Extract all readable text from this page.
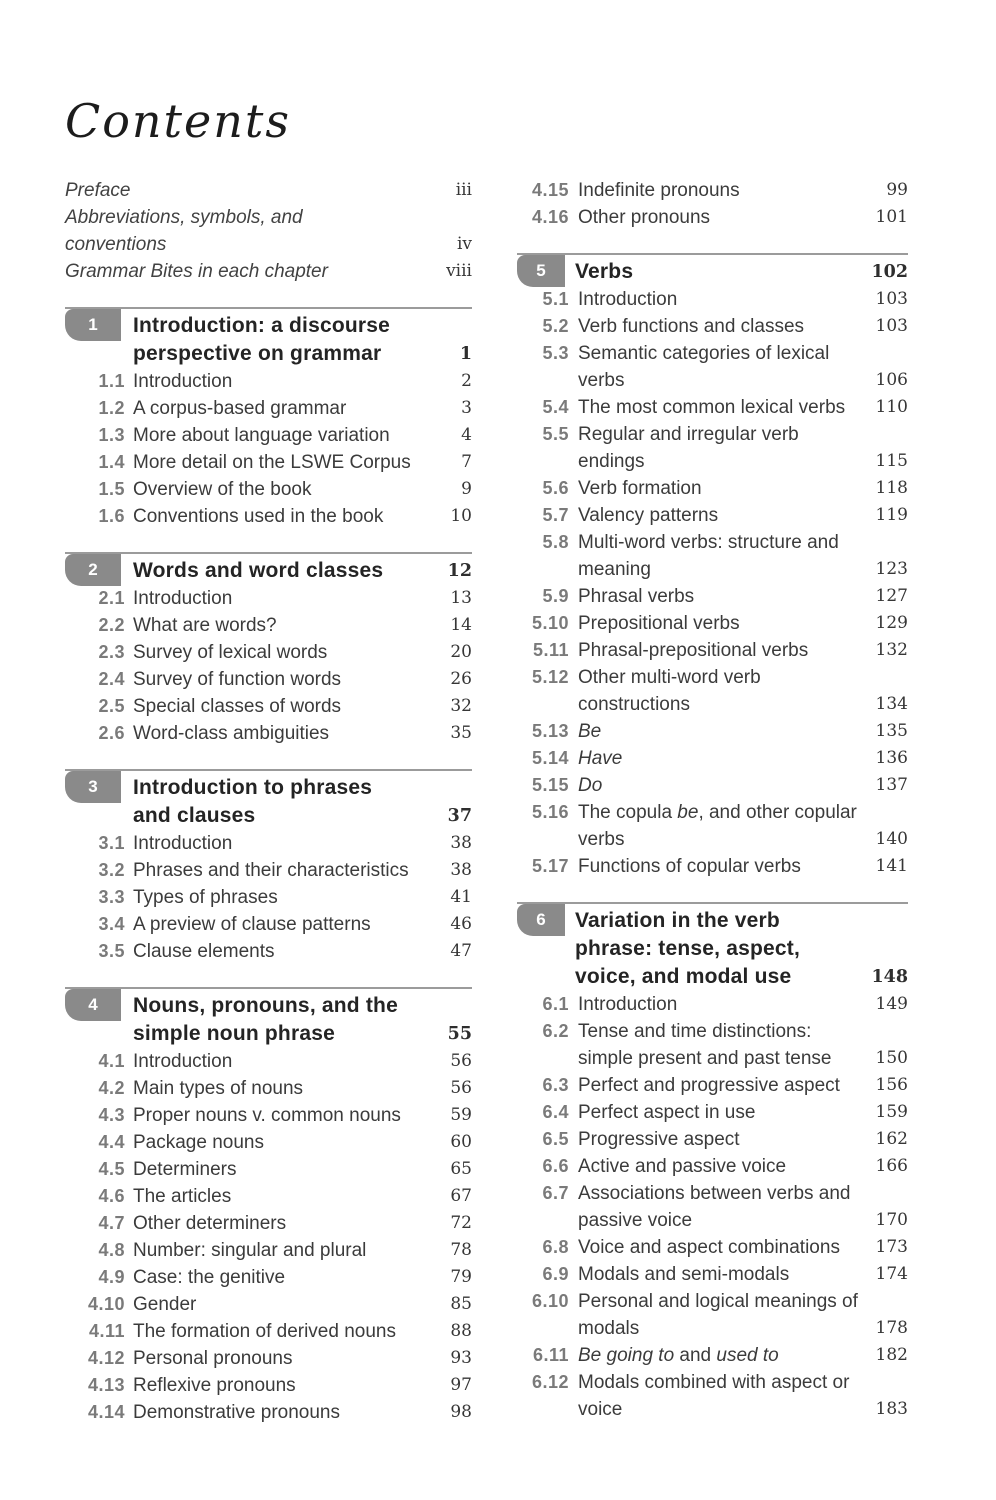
Contents
Preface	iii
Abbreviations, symbols, and
conventions	iv
Grammar Bites in each chapter	viii
1	Introduction: a discourse
perspective on grammar	1
1.1 Introduction	2
1.2 A corpus-based grammar	3
1.3 More about language variation	4
1.4 More detail on the LSWE Corpus	7
1.5 Overview of the book	9
1.6 Conventions used in the book	10
2	Words and word classes	12
2.1 Introduction	13
2.2 What are words?	14
2.3 Survey of lexical words	20
2.4 Survey of function words	26
2.5 Special classes of words	32
2.6 Word-class ambiguities	35
3	Introduction to phrases
and clauses	37
3.1 Introduction	38
3.2 Phrases and their characteristics	38
3.3 Types of phrases	41
3.4 A preview of clause patterns	46
3.5 Clause elements	47
4	Nouns, pronouns, and the
simple noun phrase	55
4.1 Introduction	56
4.2 Main types of nouns	56
4.3 Proper nouns v. common nouns	59
4.4 Package nouns	60
4.5 Determiners	65
4.6 The articles	67
4.7 Other determiners	72
4.8 Number: singular and plural	78
4.9 Case: the genitive	79
4.10 Gender	85
4.11 The formation of derived nouns	88
4.12 Personal pronouns	93
4.13 Reflexive pronouns	97
4.14 Demonstrative pronouns	98
4.15 Indefinite pronouns	99
4.16 Other pronouns	101
5	Verbs	102
5.1 Introduction	103
5.2 Verb functions and classes	103
5.3 Semantic categories of lexical
verbs	106
5.4 The most common lexical verbs	110
5.5 Regular and irregular verb
endings	115
5.6 Verb formation	118
5.7 Valency patterns	119
5.8 Multi-word verbs: structure and
meaning	123
5.9 Phrasal verbs	127
5.10 Prepositional verbs	129
5.11 Phrasal-prepositional verbs	132
5.12 Other multi-word verb
constructions	134
5.13 Be	135
5.14 Have	136
5.15 Do	137
5.16 The copula be, and other copular
verbs	140
5.17 Functions of copular verbs	141
6	Variation in the verb
phrase: tense, aspect,
voice, and modal use	148
6.1 Introduction	149
6.2 Tense and time distinctions:
simple present and past tense	150
6.3 Perfect and progressive aspect	156
6.4 Perfect aspect in use	159
6.5 Progressive aspect	162
6.6 Active and passive voice	166
6.7 Associations between verbs and
passive voice	170
6.8 Voice and aspect combinations	173
6.9 Modals and semi-modals	174
6.10 Personal and logical meanings of
modals	178
6.11 Be going to and used to	182
6.12 Modals combined with aspect or
voice	183
